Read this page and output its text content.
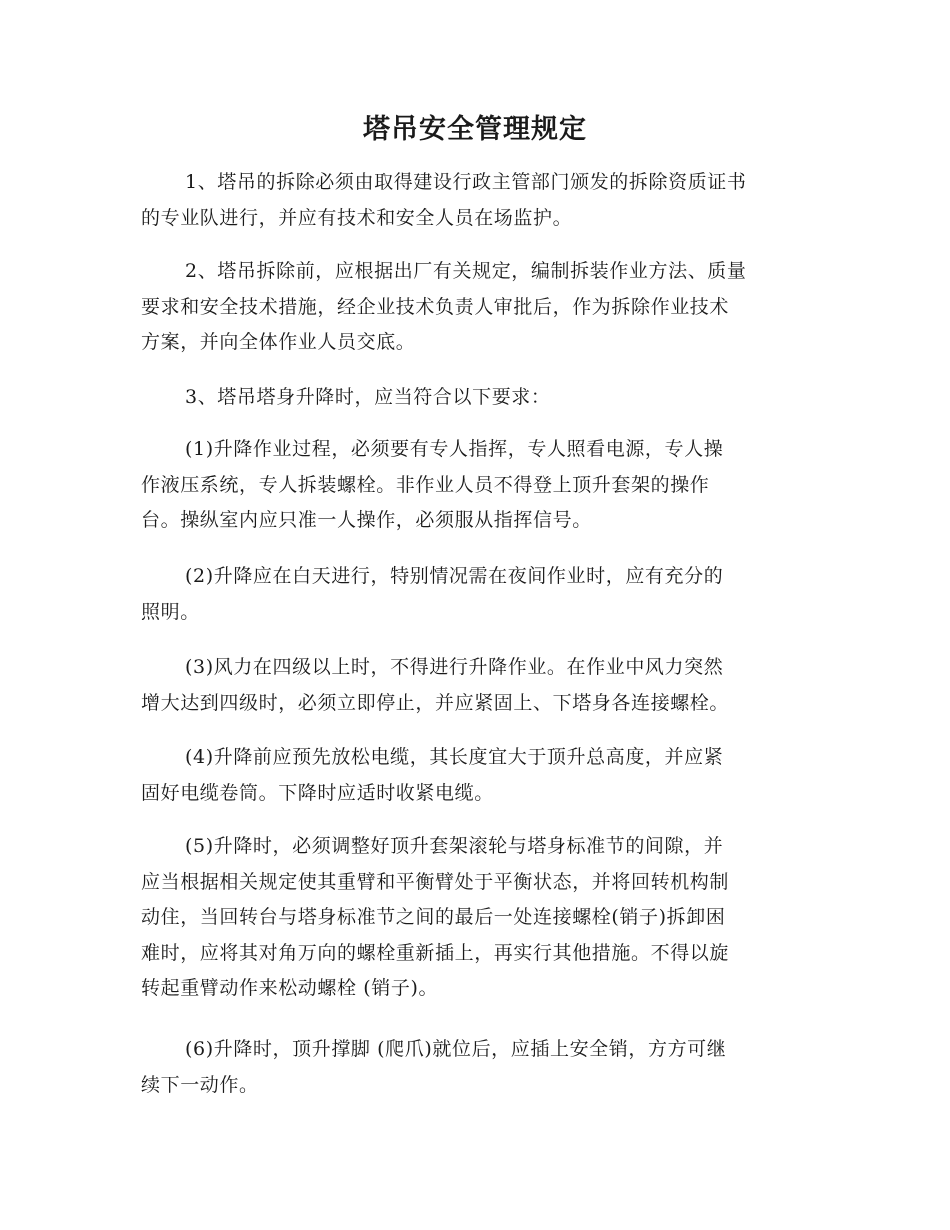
塔吊安全管理规定
1、塔吊的拆除必须由取得建设行政主管部门颁发的拆除资质证书
的专业队进行，并应有技术和安全人员在场监护。
2、塔吊拆除前，应根据出厂有关规定，编制拆装作业方法、质量
要求和安全技术措施，经企业技术负责人审批后，作为拆除作业技术
方案，并向全体作业人员交底。
3、塔吊塔身升降时，应当符合以下要求：
(1)升降作业过程，必须要有专人指挥，专人照看电源，专人操
作液压系统，专人拆装螺栓。非作业人员不得登上顶升套架的操作
台。操纵室内应只准一人操作，必须服从指挥信号。
(2)升降应在白天进行，特别情况需在夜间作业时，应有充分的
照明。
(3)风力在四级以上时，不得进行升降作业。在作业中风力突然
增大达到四级时，必须立即停止，并应紧固上、下塔身各连接螺栓。
(4)升降前应预先放松电缆，其长度宜大于顶升总高度，并应紧
固好电缆卷筒。下降时应适时收紧电缆。
(5)升降时，必须调整好顶升套架滚轮与塔身标准节的间隙，并
应当根据相关规定使其重臂和平衡臂处于平衡状态，并将回转机构制
动住，当回转台与塔身标准节之间的最后一处连接螺栓(销子)拆卸困
难时，应将其对角万向的螺栓重新插上，再实行其他措施。不得以旋
转起重臂动作来松动螺栓 (销子)。
(6)升降时，顶升撑脚 (爬爪)就位后，应插上安全销，方方可继
续下一动作。
